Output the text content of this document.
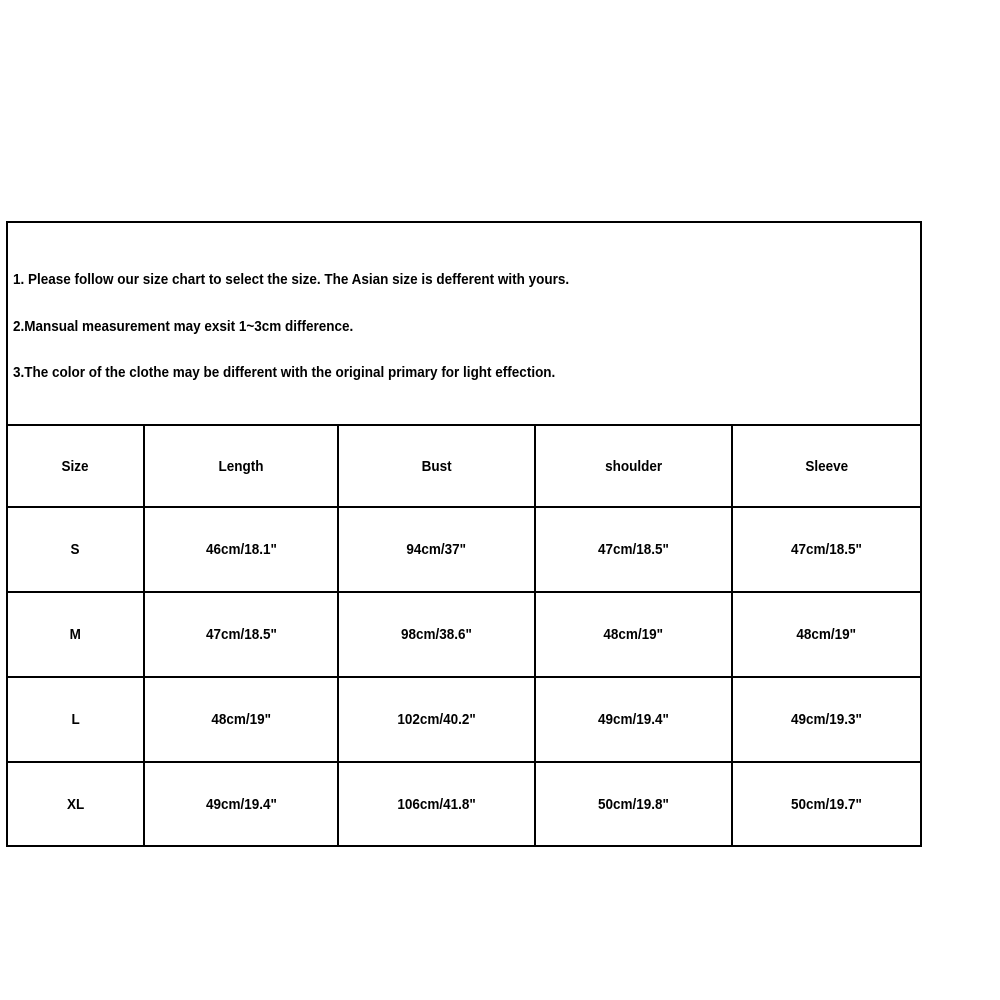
1. Please follow our size chart to select the size. The Asian size is defferent with yours.
2.Mansual measurement may exsit 1~3cm difference.
3.The color of the clothe may be different with the original primary for light effection.
Size	Length	Bust	shoulder	Sleeve
S	46cm/18.1"	94cm/37"	47cm/18.5"	47cm/18.5"
M	47cm/18.5"	98cm/38.6"	48cm/19"	48cm/19"
L	48cm/19"	102cm/40.2"	49cm/19.4"	49cm/19.3"
XL	49cm/19.4"	106cm/41.8"	50cm/19.8"	50cm/19.7"
